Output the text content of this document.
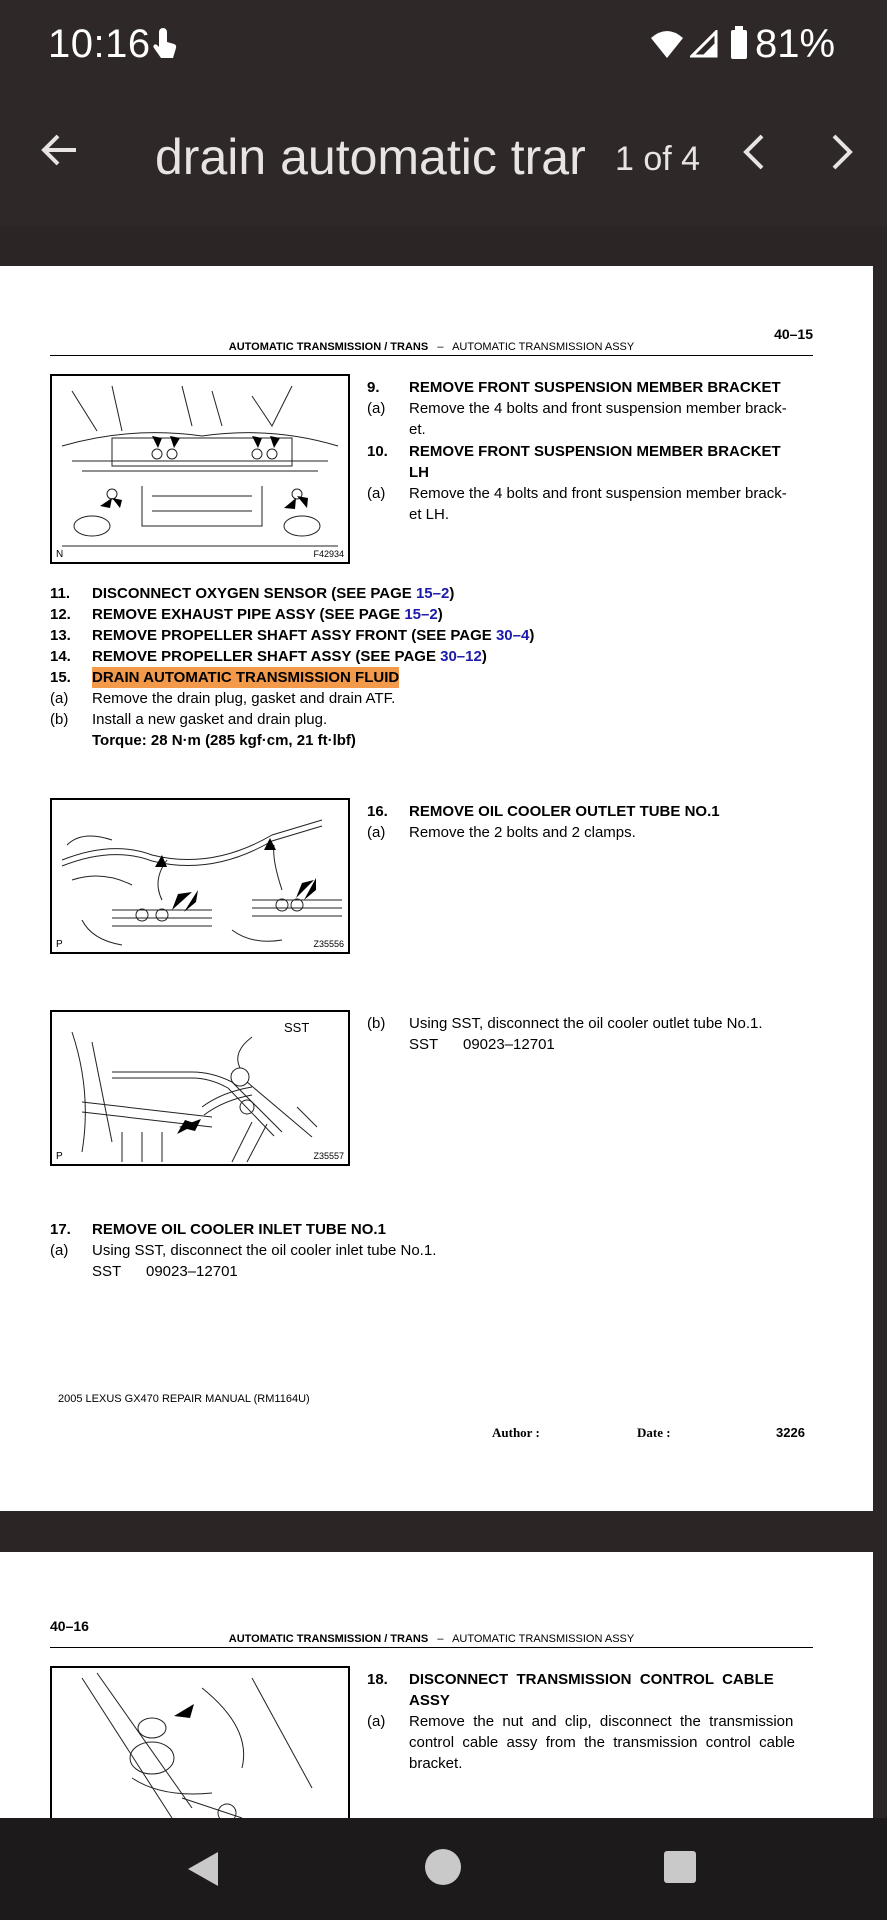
10:16	81%
drain automatic trar 1 of 4
40–15
AUTOMATIC TRANSMISSION / TRANS – AUTOMATIC TRANSMISSION ASSY
N	F42934
9. REMOVE FRONT SUSPENSION MEMBER BRACKET
(a) Remove the 4 bolts and front suspension member brack-
et.
10. REMOVE FRONT SUSPENSION MEMBER BRACKET
LH
(a) Remove the 4 bolts and front suspension member brack-
et LH.
11. DISCONNECT OXYGEN SENSOR (SEE PAGE 15–2)
12. REMOVE EXHAUST PIPE ASSY (SEE PAGE 15–2)
13. REMOVE PROPELLER SHAFT ASSY FRONT (SEE PAGE 30–4)
14. REMOVE PROPELLER SHAFT ASSY (SEE PAGE 30–12)
15. DRAIN AUTOMATIC TRANSMISSION FLUID
(a) Remove the drain plug, gasket and drain ATF.
(b) Install a new gasket and drain plug.
Torque: 28 N·m (285 kgf·cm, 21 ft·lbf)
P	Z35556
16. REMOVE OIL COOLER OUTLET TUBE NO.1
(a) Remove the 2 bolts and 2 clamps.
SST
P	Z35557
(b) Using SST, disconnect the oil cooler outlet tube No.1.
SST 09023–12701
17. REMOVE OIL COOLER INLET TUBE NO.1
(a) Using SST, disconnect the oil cooler inlet tube No.1.
SST 09023–12701
2005 LEXUS GX470 REPAIR MANUAL (RM1164U)
Author :	Date :	3226
40–16
AUTOMATIC TRANSMISSION / TRANS – AUTOMATIC TRANSMISSION ASSY
18. DISCONNECT  TRANSMISSION  CONTROL  CABLE
ASSY
(a) Remove  the  nut  and  clip,  disconnect  the  transmission
control  cable  assy  from  the  transmission  control  cable
bracket.
